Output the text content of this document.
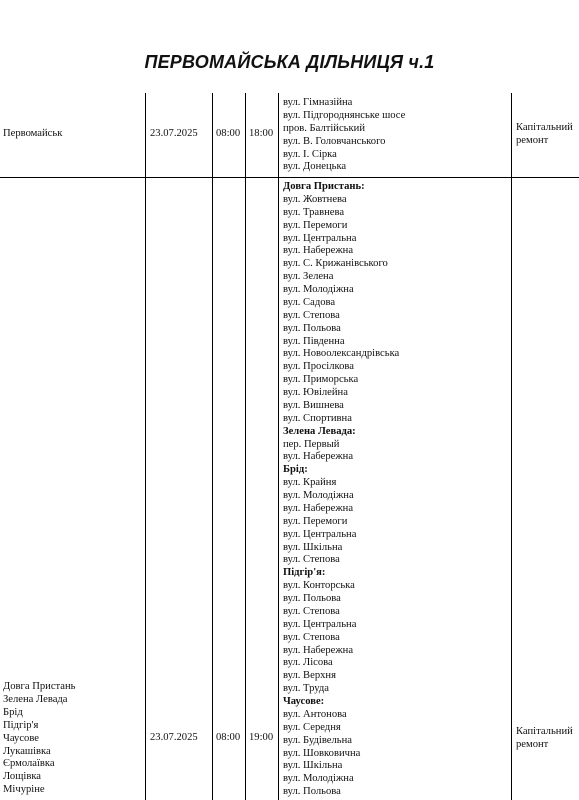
ПЕРВОМАЙСЬКА ДІЛЬНИЦЯ ч.1
Первомайськ	23.07.2025 08:00 18:00
вул. Гімназійна
вул. Підгороднянське шосе
пров. Балтійський
вул. В. Головчанського
вул. І. Сірка
вул. Донецька
Капітальний
ремонт
Довга Пристань
Зелена Левада
Брід
Підгір'я
Чаусове
Лукашівка
Єрмолаївка
Лощівка
Мічуріне
23.07.2025 08:00 19:00
Довга Пристань:
вул. Жовтнева
вул. Травнева
вул. Перемоги
вул. Центральна
вул. Набережна
вул. С. Крижанівського
вул. Зелена
вул. Молодіжна
вул. Садова
вул. Степова
вул. Польова
вул. Південна
вул. Новоолександрівська
вул. Просілкова
вул. Приморська
вул. Ювілейна
вул. Вишнева
вул. Спортивна
Зелена Левада:
пер. Первый
вул. Набережна
Брід:
вул. Крайня
вул. Молодіжна
вул. Набережна
вул. Перемоги
вул. Центральна
вул. Шкільна
вул. Степова
Підгір'я:
вул. Конторська
вул. Польова
вул. Степова
вул. Центральна
вул. Степова
вул. Набережна
вул. Лісова
вул. Верхня
вул. Труда
Чаусове:
вул. Антонова
вул. Середня
вул. Будівельна
вул. Шовковична
вул. Шкільна
вул. Молодіжна
вул. Польова
Капітальний
ремонт
